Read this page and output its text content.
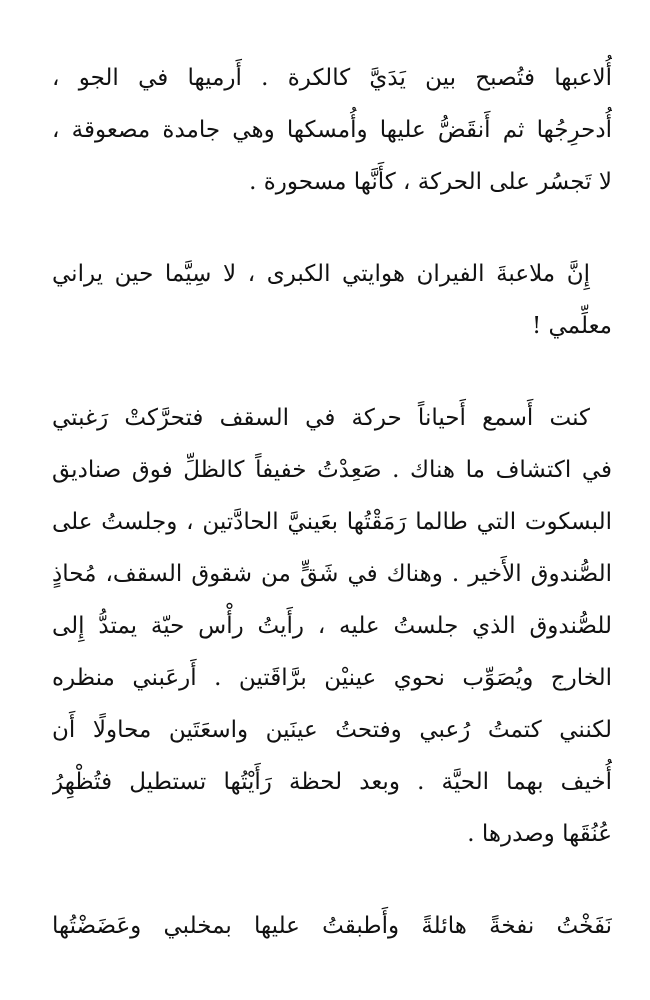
أُلاعبها فتُصبح بين يَدَيَّ كالكرة . أَرميها في الجو ،
أُدحرِجُها ثم أَنقَضُّ عليها وأُمسكها وهي جامدة مصعوقة ،
لا تَجسُر على الحركة ، كأَنَّها مسحورة .
إِنَّ ملاعبةَ الفيران هوايتي الكبرى ، لا سِيَّما حين يراني
معلِّمي !
كنت أَسمع أَحياناً حركة في السقف فتحرَّكتْ رَغبتي
في اكتشاف ما هناك . صَعِدْتُ خفيفاً كالظلِّ فوق صناديق
البسكوت التي طالما رَمَقْتُها بعَينيَّ الحادَّتين ، وجلستُ على
الصُّندوق الأَخير . وهناك في شَقٍّ من شقوق السقف، مُحاذٍ
للصُّندوق الذي جلستُ عليه ، رأَيتُ رأْس حيّة يمتدُّ إِلى
الخارج ويُصَوِّب نحوي عينيْن برَّاقَتين . أَرعَبني منظره
لكنني كتمتُ رُعبي وفتحتُ عينَين واسعَتَين محاولًا أَن
أُخيف بهما الحيَّة . وبعد لحظة رَأَيْتُها تستطيل فتُظْهِرُ
عُنُقَها وصدرها .
نَفَخْتُ نفخةً هائلةً وأَطبقتُ عليها بمخلبي وعَضَضْتُها
